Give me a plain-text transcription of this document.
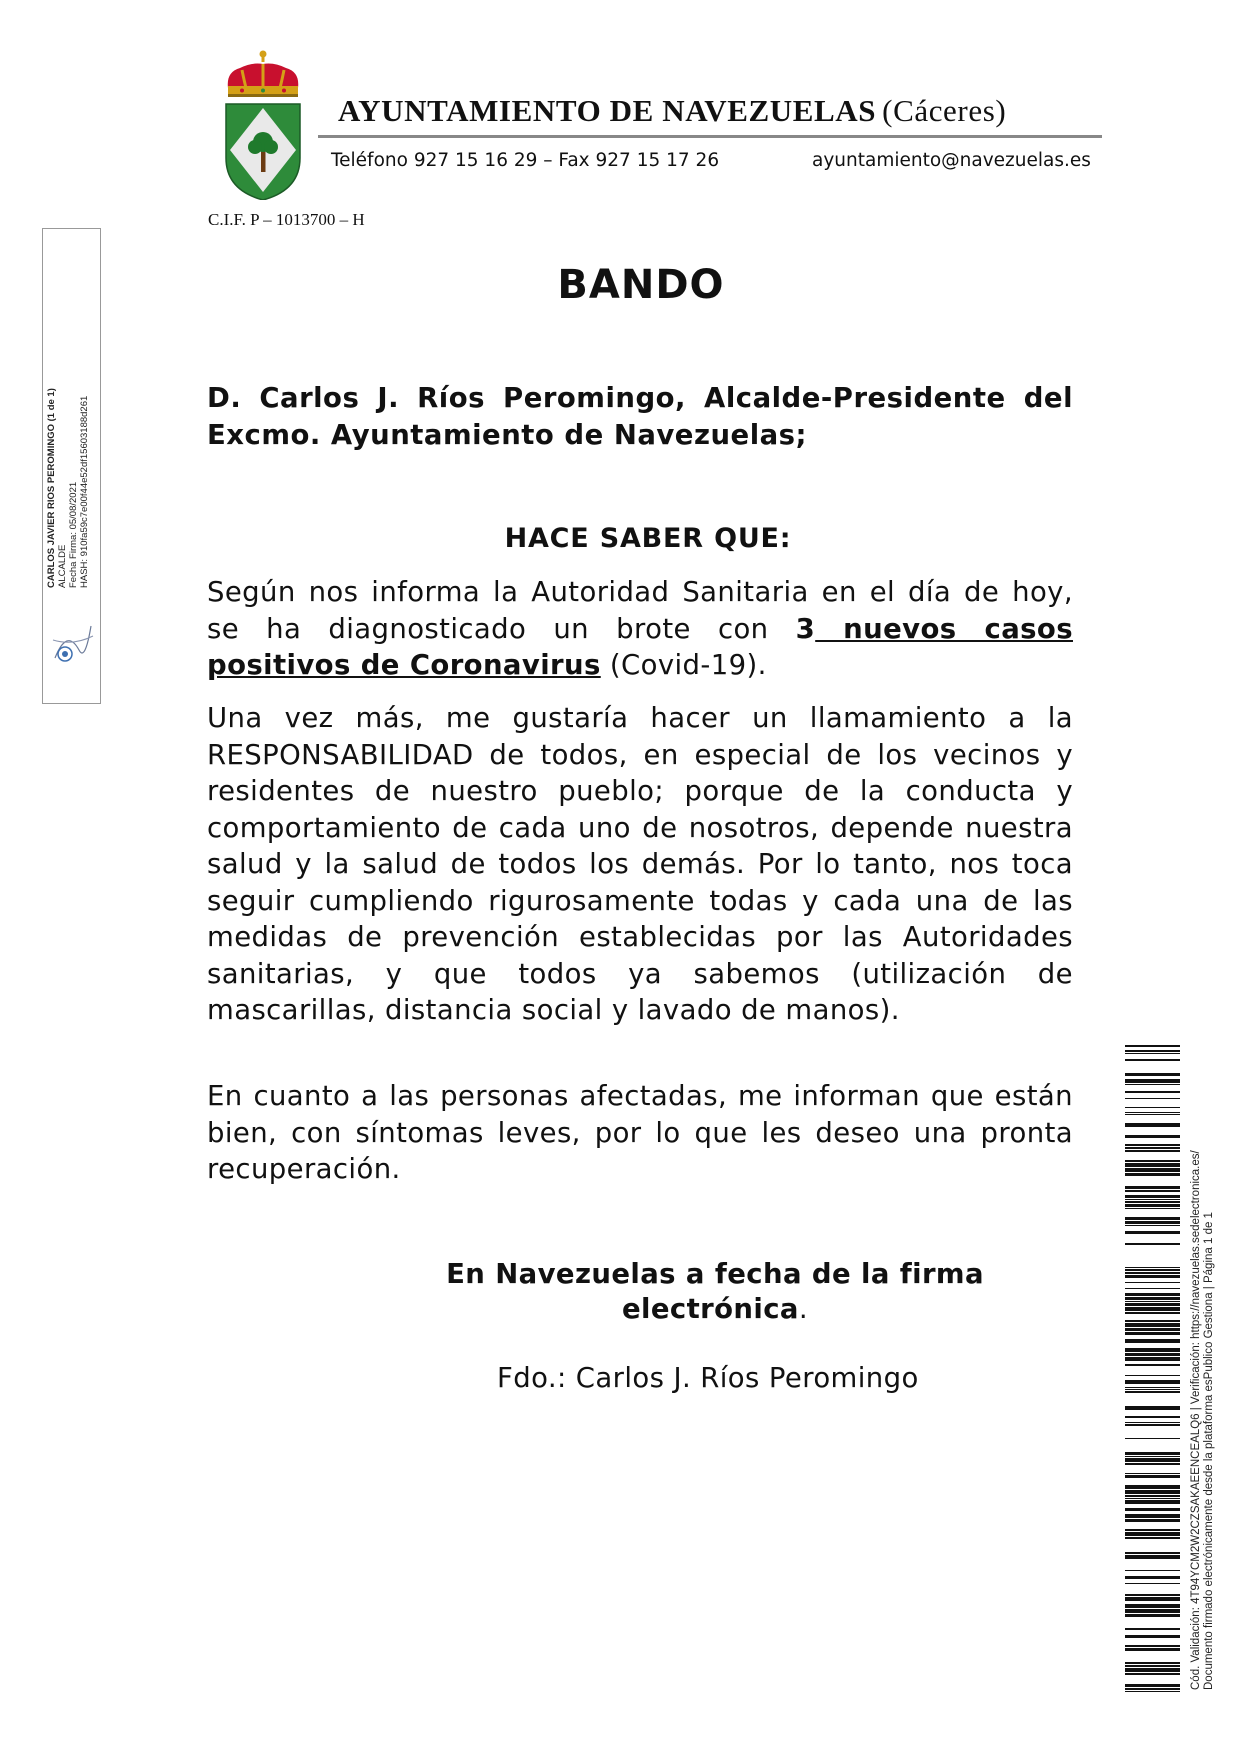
AYUNTAMIENTO DE NAVEZUELAS (Cáceres)
Teléfono 927 15 16 29 – Fax 927 15 17 26	ayuntamiento@navezuelas.es
C.I.F. P – 1013700 – H
CARLOS JAVIER RIOS PEROMINGO (1 de 1) ALCALDE Fecha Firma: 05/08/2021 HASH: 910fa59c7e00f44e52df15603188d261
BANDO
D. Carlos J. Ríos Peromingo, Alcalde-Presidente del Excmo. Ayuntamiento de Navezuelas;
HACE SABER QUE:
Según nos informa la Autoridad Sanitaria en el día de hoy, se ha diagnosticado un brote con 3 nuevos casos positivos de Coronavirus (Covid-19).
Una vez más, me gustaría hacer un llamamiento a la RESPONSABILIDAD de todos, en especial de los vecinos y residentes de nuestro pueblo; porque de la conducta y comportamiento de cada uno de nosotros, depende nuestra salud y la salud de todos los demás. Por lo tanto, nos toca seguir cumpliendo rigurosamente todas y cada una de las medidas de prevención establecidas por las Autoridades sanitarias, y que todos ya sabemos (utilización de mascarillas, distancia social y lavado de manos).
En cuanto a las personas afectadas, me informan que están bien, con síntomas leves, por lo que les deseo una pronta recuperación.
En Navezuelas a fecha de la firma electrónica.
Fdo.: Carlos J. Ríos Peromingo	Cód. Validación: 4T94YCM2W2CZSAKAEENCEALQ6 | Verificación: https://navezuelas.sedelectronica.es/ Documento firmado electrónicamente desde la plataforma esPublico Gestiona | Página 1 de 1
